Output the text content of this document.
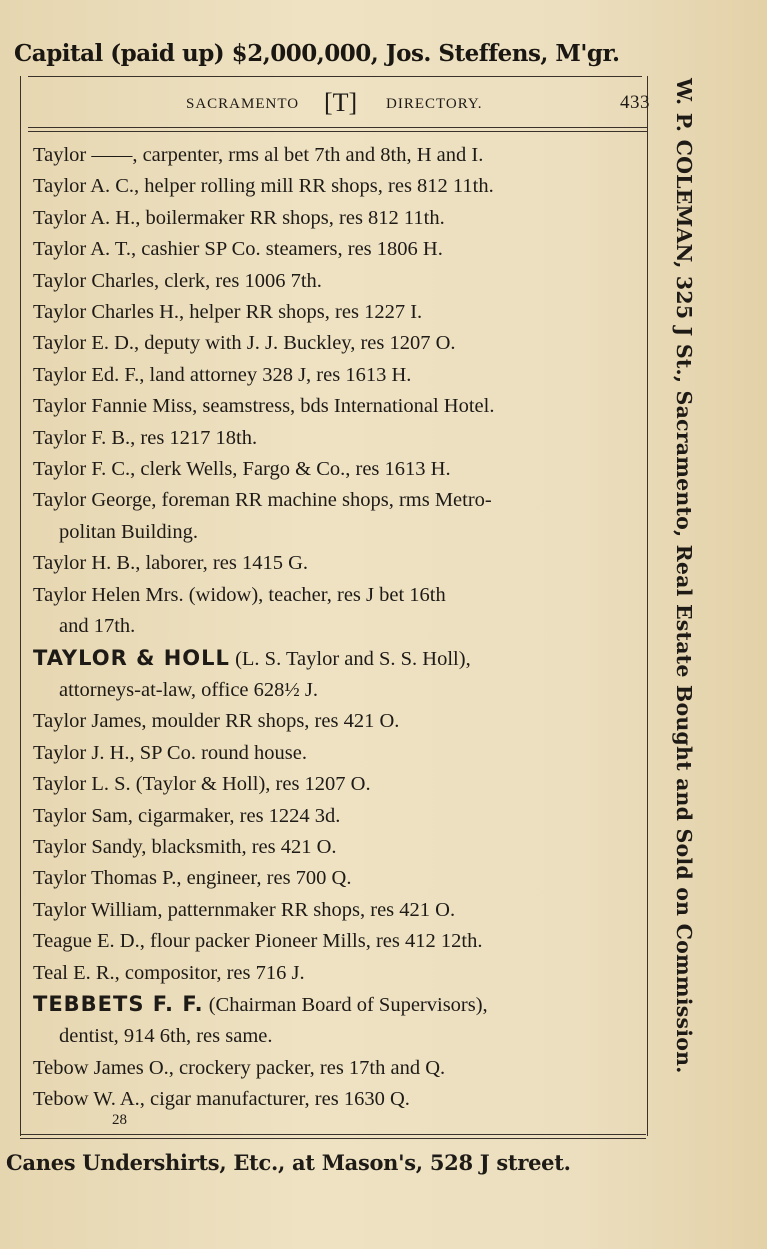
Capital (paid up) $2,000,000, Jos. Steffens, M'gr.
SACRAMENTO [T] DIRECTORY.	433
Taylor ——, carpenter, rms al bet 7th and 8th, H and I.
Taylor A. C., helper rolling mill RR shops, res 812 11th.
Taylor A. H., boilermaker RR shops, res 812 11th.
Taylor A. T., cashier SP Co. steamers, res 1806 H.
Taylor Charles, clerk, res 1006 7th.
Taylor Charles H., helper RR shops, res 1227 I.
Taylor E. D., deputy with J. J. Buckley, res 1207 O.
Taylor Ed. F., land attorney 328 J, res 1613 H.
Taylor Fannie Miss, seamstress, bds International Hotel.
Taylor F. B., res 1217 18th.
Taylor F. C., clerk Wells, Fargo & Co., res 1613 H.
Taylor George, foreman RR machine shops, rms Metro-
politan Building.
Taylor H. B., laborer, res 1415 G.
Taylor Helen Mrs. (widow), teacher, res J bet 16th
and 17th.
TAYLOR & HOLL (L. S. Taylor and S. S. Holl),
attorneys-at-law, office 628½ J.
Taylor James, moulder RR shops, res 421 O.
Taylor J. H., SP Co. round house.
Taylor L. S. (Taylor & Holl), res 1207 O.
Taylor Sam, cigarmaker, res 1224 3d.
Taylor Sandy, blacksmith, res 421 O.
Taylor Thomas P., engineer, res 700 Q.
Taylor William, patternmaker RR shops, res 421 O.
Teague E. D., flour packer Pioneer Mills, res 412 12th.
Teal E. R., compositor, res 716 J.
TEBBETS F. F. (Chairman Board of Supervisors),
dentist, 914 6th, res same.
Tebow James O., crockery packer, res 17th and Q.
Tebow W. A., cigar manufacturer, res 1630 Q.
28
Canes Undershirts, Etc., at Mason's, 528 J street.
W. P. COLEMAN, 325 J St., Sacramento, Real Estate Bought and Sold on Commission.
